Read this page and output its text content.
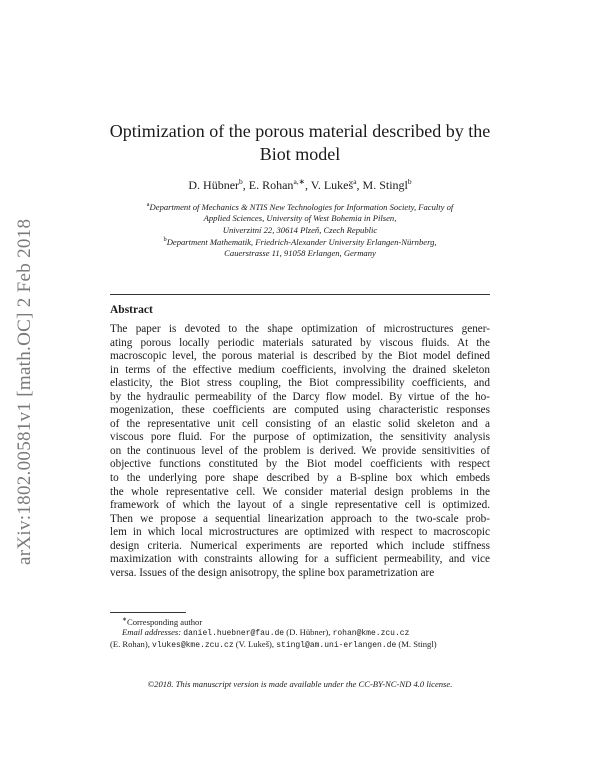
arXiv:1802.00581v1 [math.OC] 2 Feb 2018
Optimization of the porous material described by the
Biot model
D. Hübner$^b$, E. Rohan$^{a,∗}$, V. Lukeš$^a$, M. Stingl$^b$
$^a$Department of Mechanics & NTIS New Technologies for Information Society, Faculty of
Applied Sciences, University of West Bohemia in Pilsen,
Univerzitní 22, 30614 Plzeň, Czech Republic
$^b$Department Mathematik, Friedrich-Alexander University Erlangen-Nürnberg,
Cauerstrasse 11, 91058 Erlangen, Germany
Abstract

The paper is devoted to the shape optimization of microstructures gener-
ating porous locally periodic materials saturated by viscous fluids. At the
macroscopic level, the porous material is described by the Biot model defined
in terms of the effective medium coefficients, involving the drained skeleton
elasticity, the Biot stress coupling, the Biot compressibility coefficients, and
by the hydraulic permeability of the Darcy flow model. By virtue of the ho-
mogenization, these coefficients are computed using characteristic responses
of the representative unit cell consisting of an elastic solid skeleton and a
viscous pore fluid. For the purpose of optimization, the sensitivity analysis
on the continuous level of the problem is derived. We provide sensitivities of
objective functions constituted by the Biot model coefficients with respect
to the underlying pore shape described by a B-spline box which embeds
the whole representative cell. We consider material design problems in the
framework of which the layout of a single representative cell is optimized.
Then we propose a sequential linearization approach to the two-scale prob-
lem in which local microstructures are optimized with respect to macroscopic
design criteria. Numerical experiments are reported which include stiffness
maximization with constraints allowing for a sufficient permeability, and vice
versa. Issues of the design anisotropy, the spline box parametrization are

∗Corresponding author
Email addresses: daniel.huebner@fau.de (D. Hübner), rohan@kme.zcu.cz
(E. Rohan), vlukes@kme.zcu.cz (V. Lukeš), stingl@am.uni-erlangen.de (M. Stingl)
©2018. This manuscript version is made available under the CC-BY-NC-ND 4.0 license.
